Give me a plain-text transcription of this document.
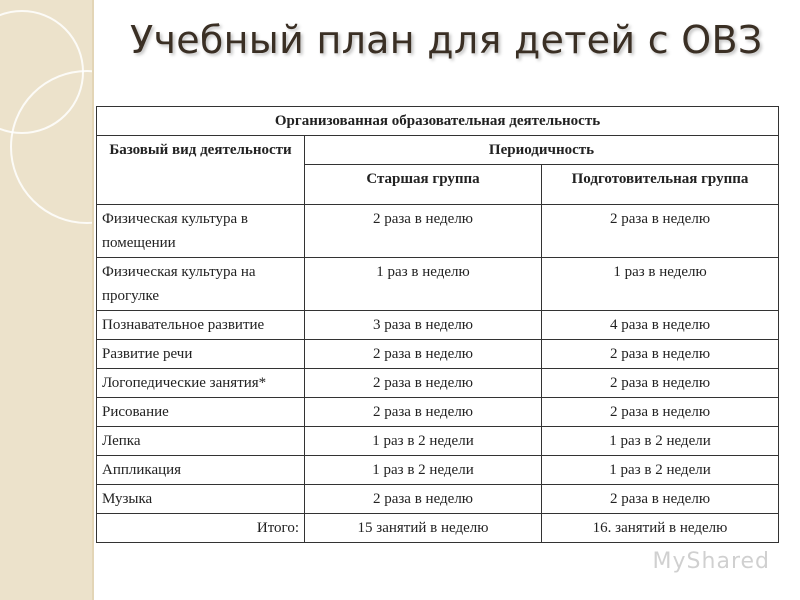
Учебный план для детей с ОВЗ
Организованная образовательная деятельность		
Базовый вид деятельности	Периодичность	
	Старшая группа	Подготовительная группа
Физическая культура в помещении	2 раза в неделю	2 раза в неделю
Физическая культура на прогулке	1 раз в неделю	1 раз в неделю
Познавательное развитие	3 раза в неделю	4 раза в неделю
Развитие речи	2 раза в неделю	2 раза в неделю
Логопедические занятия*	2 раза в неделю	2 раза в неделю
Рисование	2 раза в неделю	2 раза в неделю
Лепка	1 раз в 2 недели	1 раз в 2 недели
Аппликация	1 раз в 2 недели	1 раз в 2 недели
Музыка	2 раза в неделю	2 раза в неделю
Итого:	15 занятий в неделю	16. занятий в неделю
MyShared
